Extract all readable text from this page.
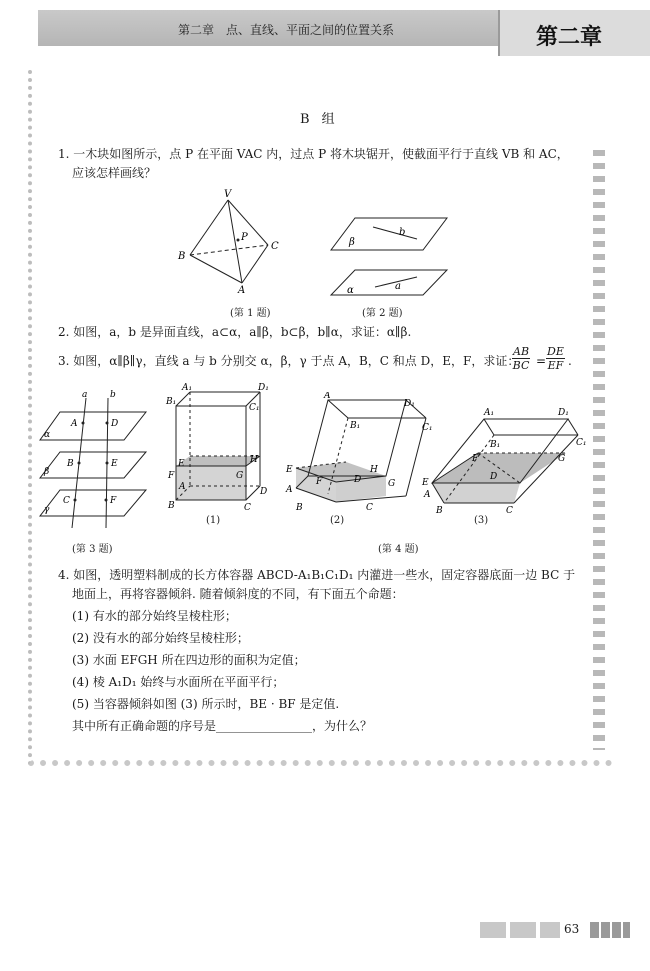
第二章　点、直线、平面之间的位置关系	第二章
B 组
1. 一木块如图所示，点 P 在平面 VAC 内，过点 P 将木块锯开，使截面平行于直线 VB 和 AC，
应该怎样画线？
V
P
B
C
A
(第 1 题)
β
b
α	a
(第 2 题)
2. 如图，a，b 是异面直线，a⊂α，a∥β，b⊂β，b∥α，求证：α∥β.
3. 如图，α∥β∥γ，直线 a 与 b 分别交 α，β，γ 于点 A，B，C 和点 D，E，F，求证：
$\frac{AB}{BC} = \frac{DE}{EF}$ .
a	b
A	D
α
B	E
β
C	F
γ
(第 3 题)
A₁	D₁
B₁
C₁
E	H
F	G
A	D
B	C
(1)
A
D₁
B₁	C₁
E	H
F	D	G
A
B	C
(2)
A₁	D₁
B₁	C₁
F	G
D
E
A
B	C
(3)
(第 4 题)
4. 如图，透明塑料制成的长方体容器 ABCD-A₁B₁C₁D₁ 内灌进一些水，固定容器底面一边 BC 于
地面上，再将容器倾斜. 随着倾斜度的不同，有下面五个命题：
(1) 有水的部分始终呈棱柱形；
(2) 没有水的部分始终呈棱柱形；
(3) 水面 EFGH 所在四边形的面积为定值；
(4) 棱 A₁D₁ 始终与水面所在平面平行；
(5) 当容器倾斜如图 (3) 所示时，BE · BF 是定值.
其中所有正确命题的序号是________________，为什么？
63
